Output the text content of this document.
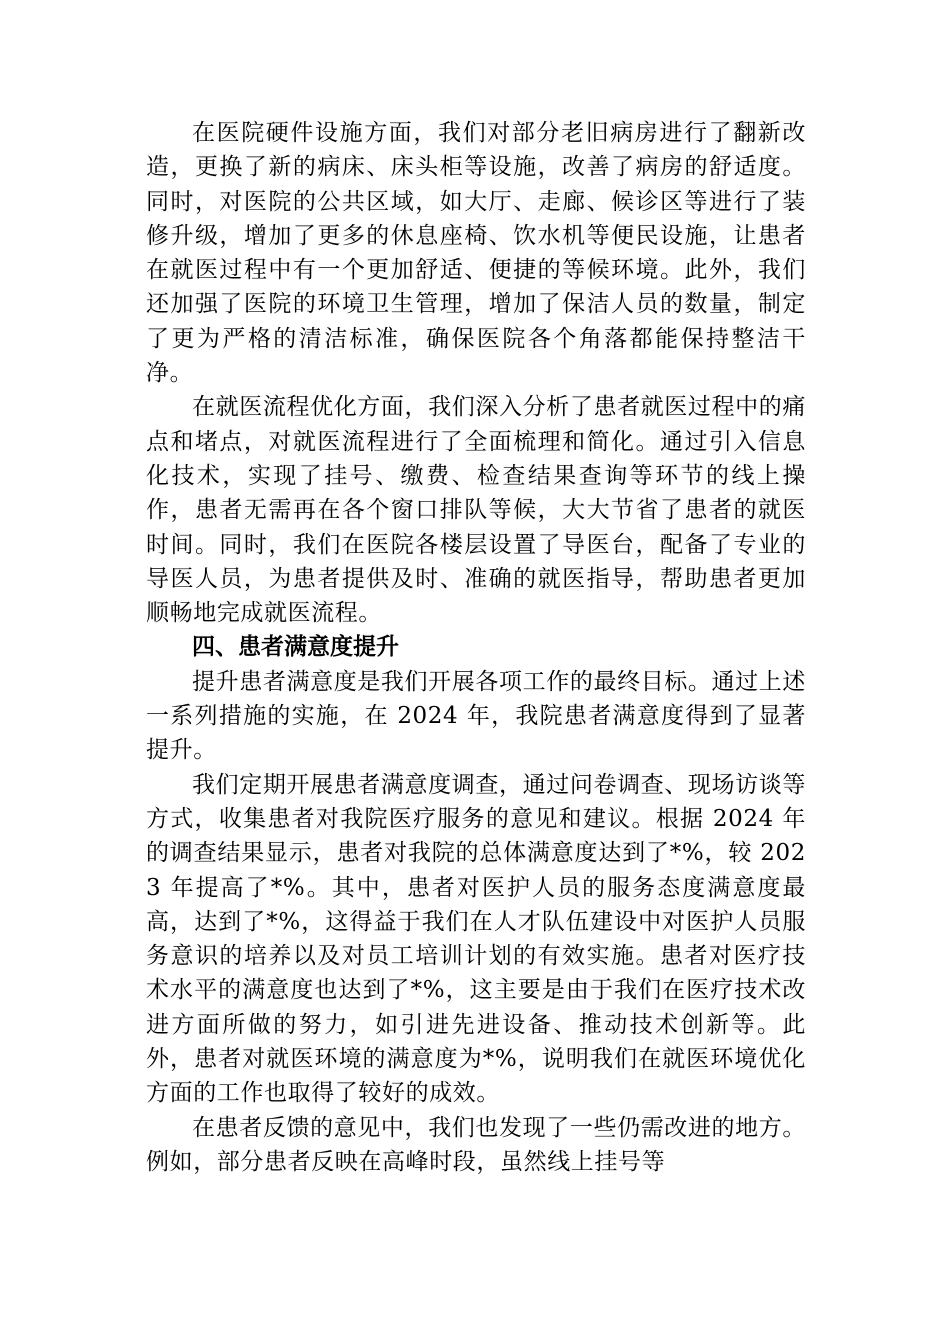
在医院硬件设施方面，我们对部分老旧病房进行了翻新改造，更换了新的病床、床头柜等设施，改善了病房的舒适度。同时，对医院的公共区域，如大厅、走廊、候诊区等进行了装修升级，增加了更多的休息座椅、饮水机等便民设施，让患者在就医过程中有一个更加舒适、便捷的等候环境。此外，我们还加强了医院的环境卫生管理，增加了保洁人员的数量，制定了更为严格的清洁标准，确保医院各个角落都能保持整洁干净。

在就医流程优化方面，我们深入分析了患者就医过程中的痛点和堵点，对就医流程进行了全面梳理和简化。通过引入信息化技术，实现了挂号、缴费、检查结果查询等环节的线上操作，患者无需再在各个窗口排队等候，大大节省了患者的就医时间。同时，我们在医院各楼层设置了导医台，配备了专业的导医人员，为患者提供及时、准确的就医指导，帮助患者更加顺畅地完成就医流程。

四、患者满意度提升

提升患者满意度是我们开展各项工作的最终目标。通过上述一系列措施的实施，在 2024 年，我院患者满意度得到了显著提升。

我们定期开展患者满意度调查，通过问卷调查、现场访谈等方式，收集患者对我院医疗服务的意见和建议。根据 2024 年的调查结果显示，患者对我院的总体满意度达到了*%，较 2023 年提高了*%。其中，患者对医护人员的服务态度满意度最高，达到了*%，这得益于我们在人才队伍建设中对医护人员服务意识的培养以及对员工培训计划的有效实施。患者对医疗技术水平的满意度也达到了*%，这主要是由于我们在医疗技术改进方面所做的努力，如引进先进设备、推动技术创新等。此外，患者对就医环境的满意度为*%，说明我们在就医环境优化方面的工作也取得了较好的成效。

在患者反馈的意见中，我们也发现了一些仍需改进的地方。例如，部分患者反映在高峰时段，虽然线上挂号等
